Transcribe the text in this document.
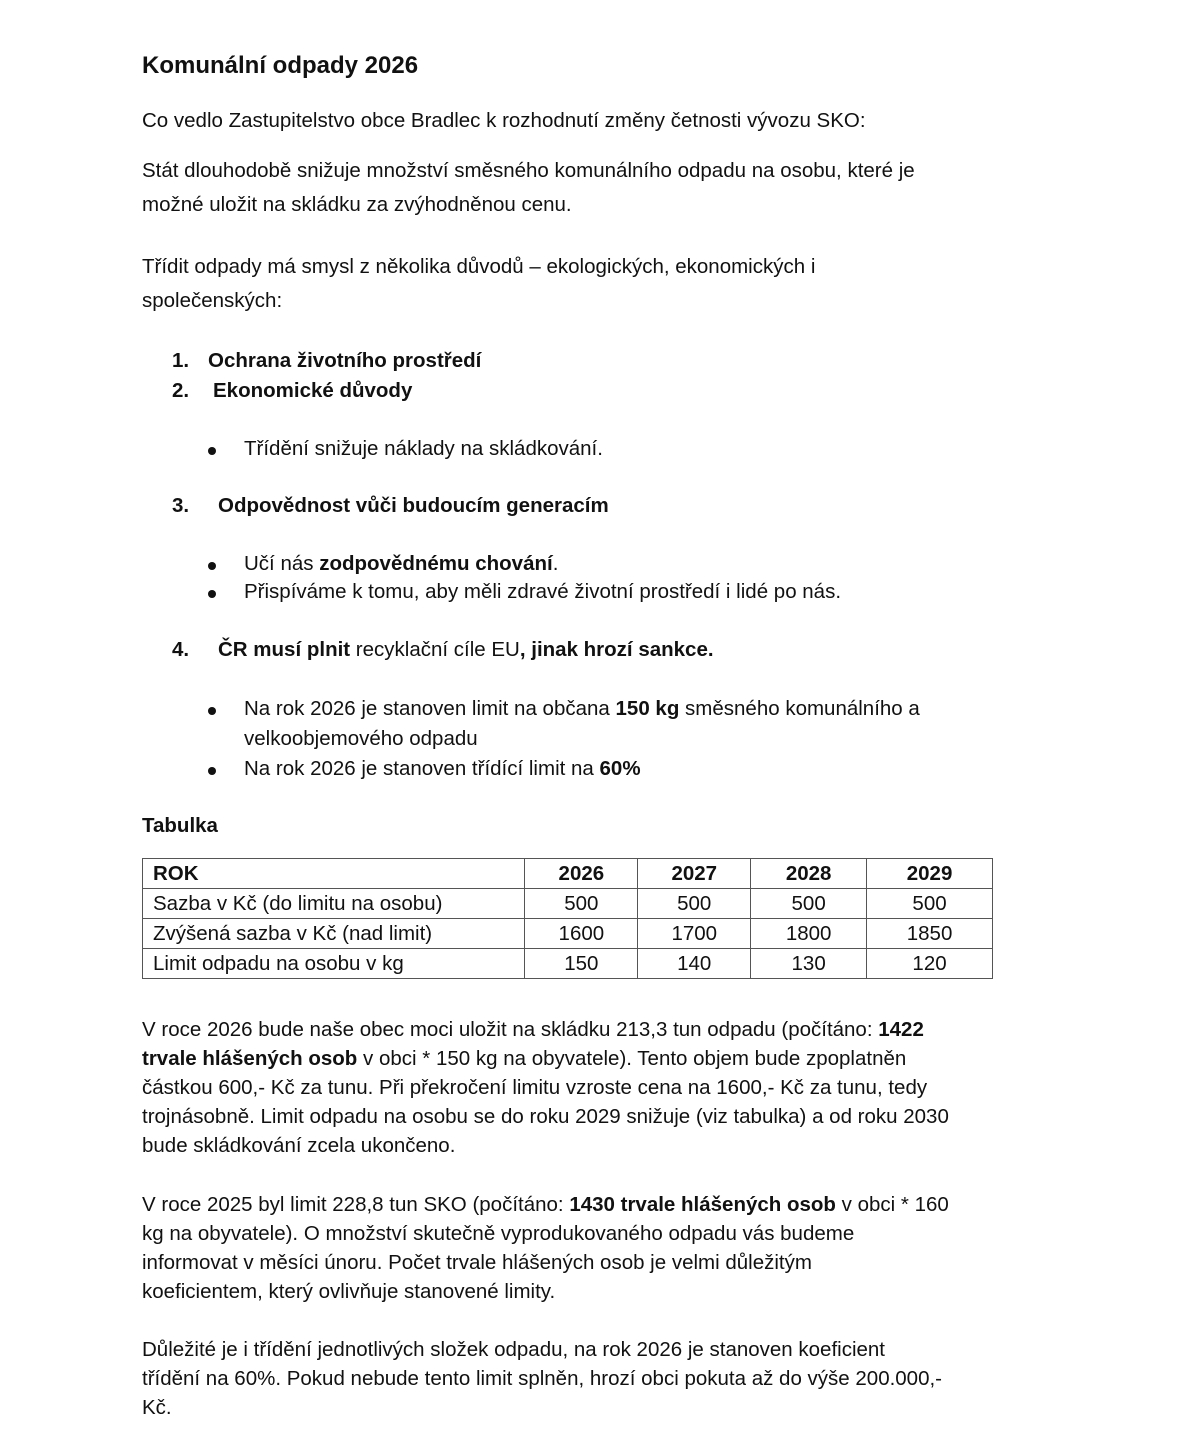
Komunální odpady 2026
Co vedlo Zastupitelstvo obce Bradlec k rozhodnutí změny četnosti vývozu SKO:
Stát dlouhodobě snižuje množství směsného komunálního odpadu na osobu, které je
možné uložit na skládku za zvýhodněnou cenu.
Třídit odpady má smysl z několika důvodů – ekologických, ekonomických i
společenských:
1. Ochrana životního prostředí
2. Ekonomické důvody
Třídění snižuje náklady na skládkování.
3. Odpovědnost vůči budoucím generacím
Učí nás zodpovědnému chování.
Přispíváme k tomu, aby měli zdravé životní prostředí i lidé po nás.
4. ČR musí plnit recyklační cíle EU, jinak hrozí sankce.
Na rok 2026 je stanoven limit na občana 150 kg směsného komunálního a
velkoobjemového odpadu
Na rok 2026 je stanoven třídící limit na 60%
Tabulka
ROK	2026	2027	2028	2029
Sazba v Kč (do limitu na osobu)	500	500	500	500
Zvýšená sazba v Kč (nad limit)	1600	1700	1800	1850
Limit odpadu na osobu v kg	150	140	130	120
V roce 2026 bude naše obec moci uložit na skládku 213,3 tun odpadu (počítáno: 1422
trvale hlášených osob v obci * 150 kg na obyvatele). Tento objem bude zpoplatněn
částkou 600,- Kč za tunu. Při překročení limitu vzroste cena na 1600,- Kč za tunu, tedy
trojnásobně. Limit odpadu na osobu se do roku 2029 snižuje (viz tabulka) a od roku 2030
bude skládkování zcela ukončeno.
V roce 2025 byl limit 228,8 tun SKO (počítáno: 1430 trvale hlášených osob v obci * 160
kg na obyvatele). O množství skutečně vyprodukovaného odpadu vás budeme
informovat v měsíci únoru. Počet trvale hlášených osob je velmi důležitým
koeficientem, který ovlivňuje stanovené limity.
Důležité je i třídění jednotlivých složek odpadu, na rok 2026 je stanoven koeficient
třídění na 60%. Pokud nebude tento limit splněn, hrozí obci pokuta až do výše 200.000,-
Kč.
